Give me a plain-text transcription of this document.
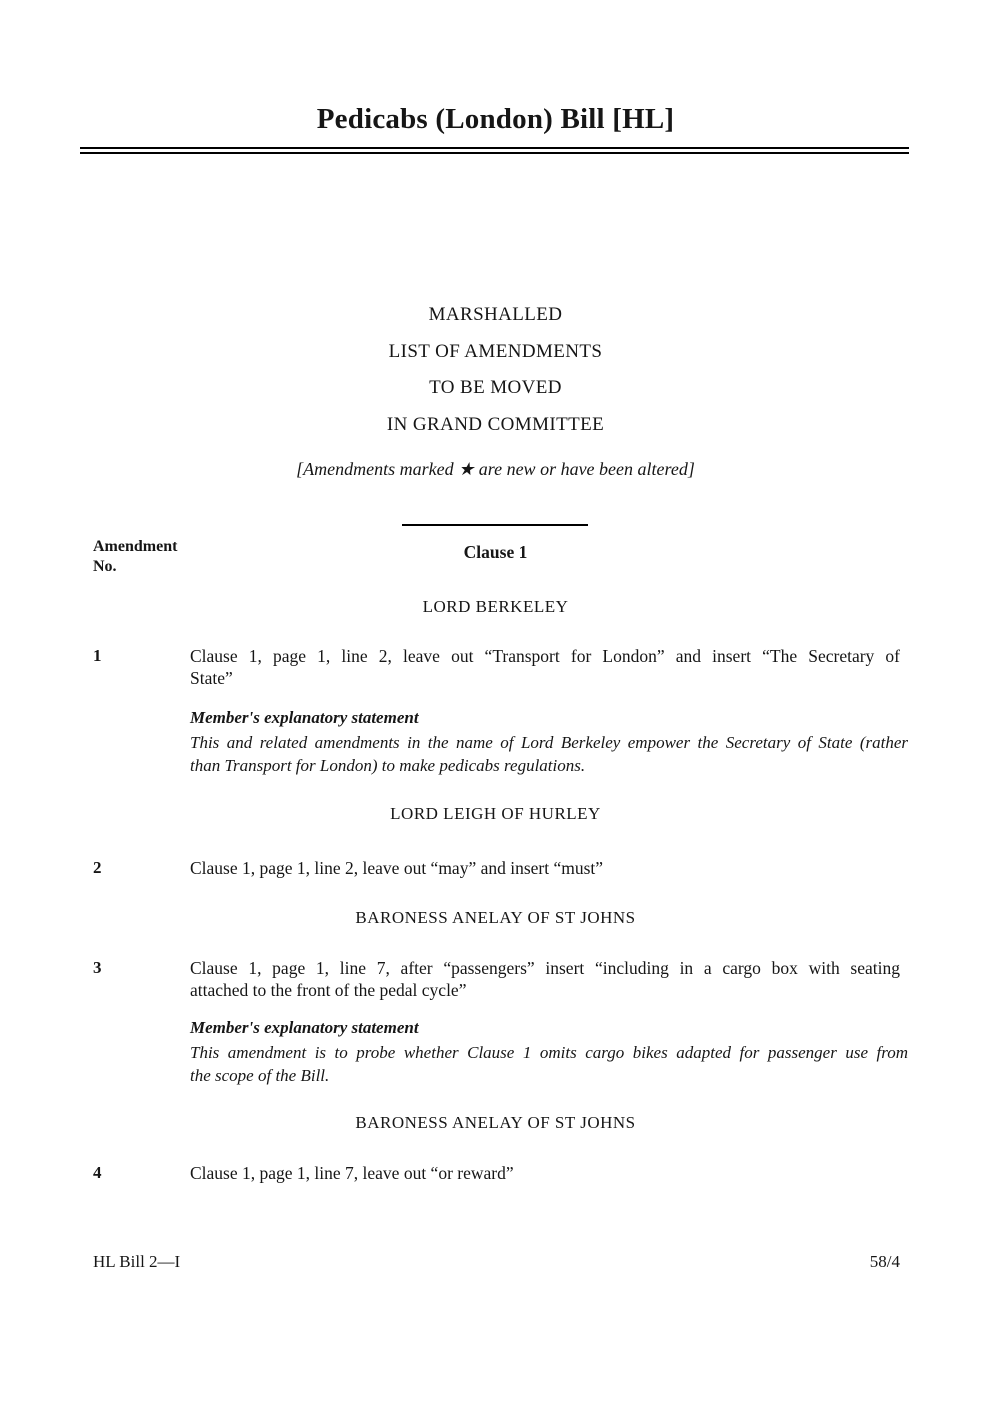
Pedicabs (London) Bill [HL]
MARSHALLED
LIST OF AMENDMENTS
TO BE MOVED
IN GRAND COMMITTEE
[Amendments marked ★ are new or have been altered]
Amendment
No.
Clause 1
LORD BERKELEY
1	Clause 1, page 1, line 2, leave out “Transport for London” and insert “The Secretary of
State”
Member's explanatory statement
This and related amendments in the name of Lord Berkeley empower the Secretary of State (rather
than Transport for London) to make pedicabs regulations.
LORD LEIGH OF HURLEY
2	Clause 1, page 1, line 2, leave out “may” and insert “must”
BARONESS ANELAY OF ST JOHNS
3	Clause 1, page 1, line 7, after “passengers” insert “including in a cargo box with seating
attached to the front of the pedal cycle”
Member's explanatory statement
This amendment is to probe whether Clause 1 omits cargo bikes adapted for passenger use from
the scope of the Bill.
BARONESS ANELAY OF ST JOHNS
4	Clause 1, page 1, line 7, leave out “or reward”
HL Bill 2—I	58/4
